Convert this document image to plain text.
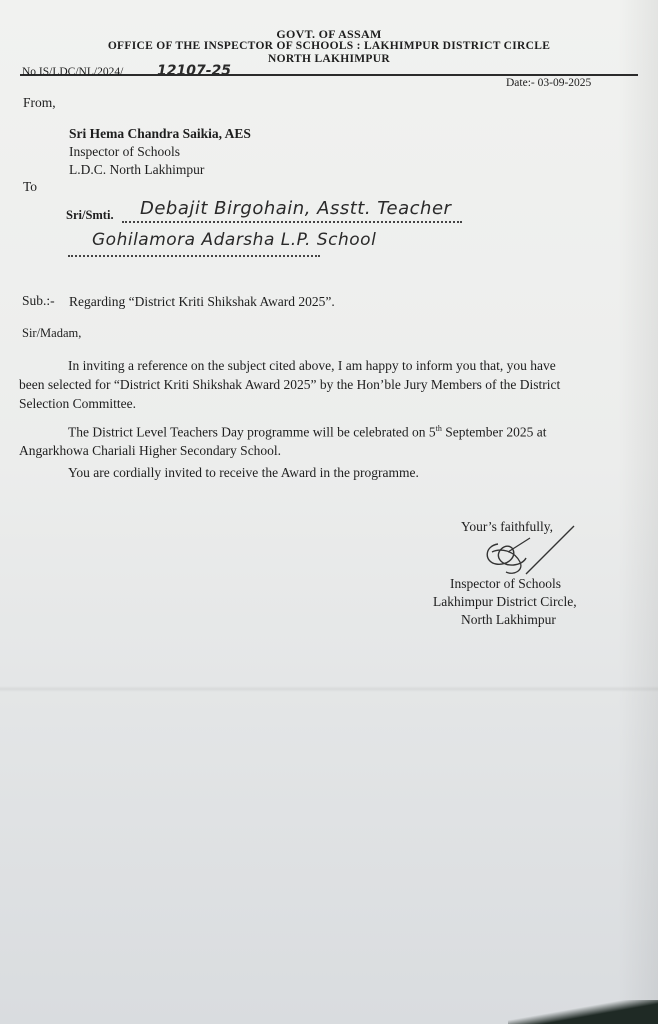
GOVT. OF ASSAM
OFFICE OF THE INSPECTOR OF SCHOOLS : LAKHIMPUR DISTRICT CIRCLE
NORTH LAKHIMPUR
No IS/LDC/NL/2024/ 12107-25
Date:- 03-09-2025
From,
Sri Hema Chandra Saikia, AES
Inspector of Schools
L.D.C. North Lakhimpur
To
Sri/Smti. Debajit Birgohain, Asstt. Teacher
Gohilamora Adarsha L.P. School
Sub.:- Regarding “District Kriti Shikshak Award 2025”.
Sir/Madam,
In inviting a reference on the subject cited above, I am happy to inform you that, you have
been selected for “District Kriti Shikshak Award 2025” by the Hon’ble Jury Members of the District
Selection Committee.
The District Level Teachers Day programme will be celebrated on 5th September 2025 at
Angarkhowa Chariali Higher Secondary School.
You are cordially invited to receive the Award in the programme.
Your’s faithfully,
Inspector of Schools
Lakhimpur District Circle,
North Lakhimpur
